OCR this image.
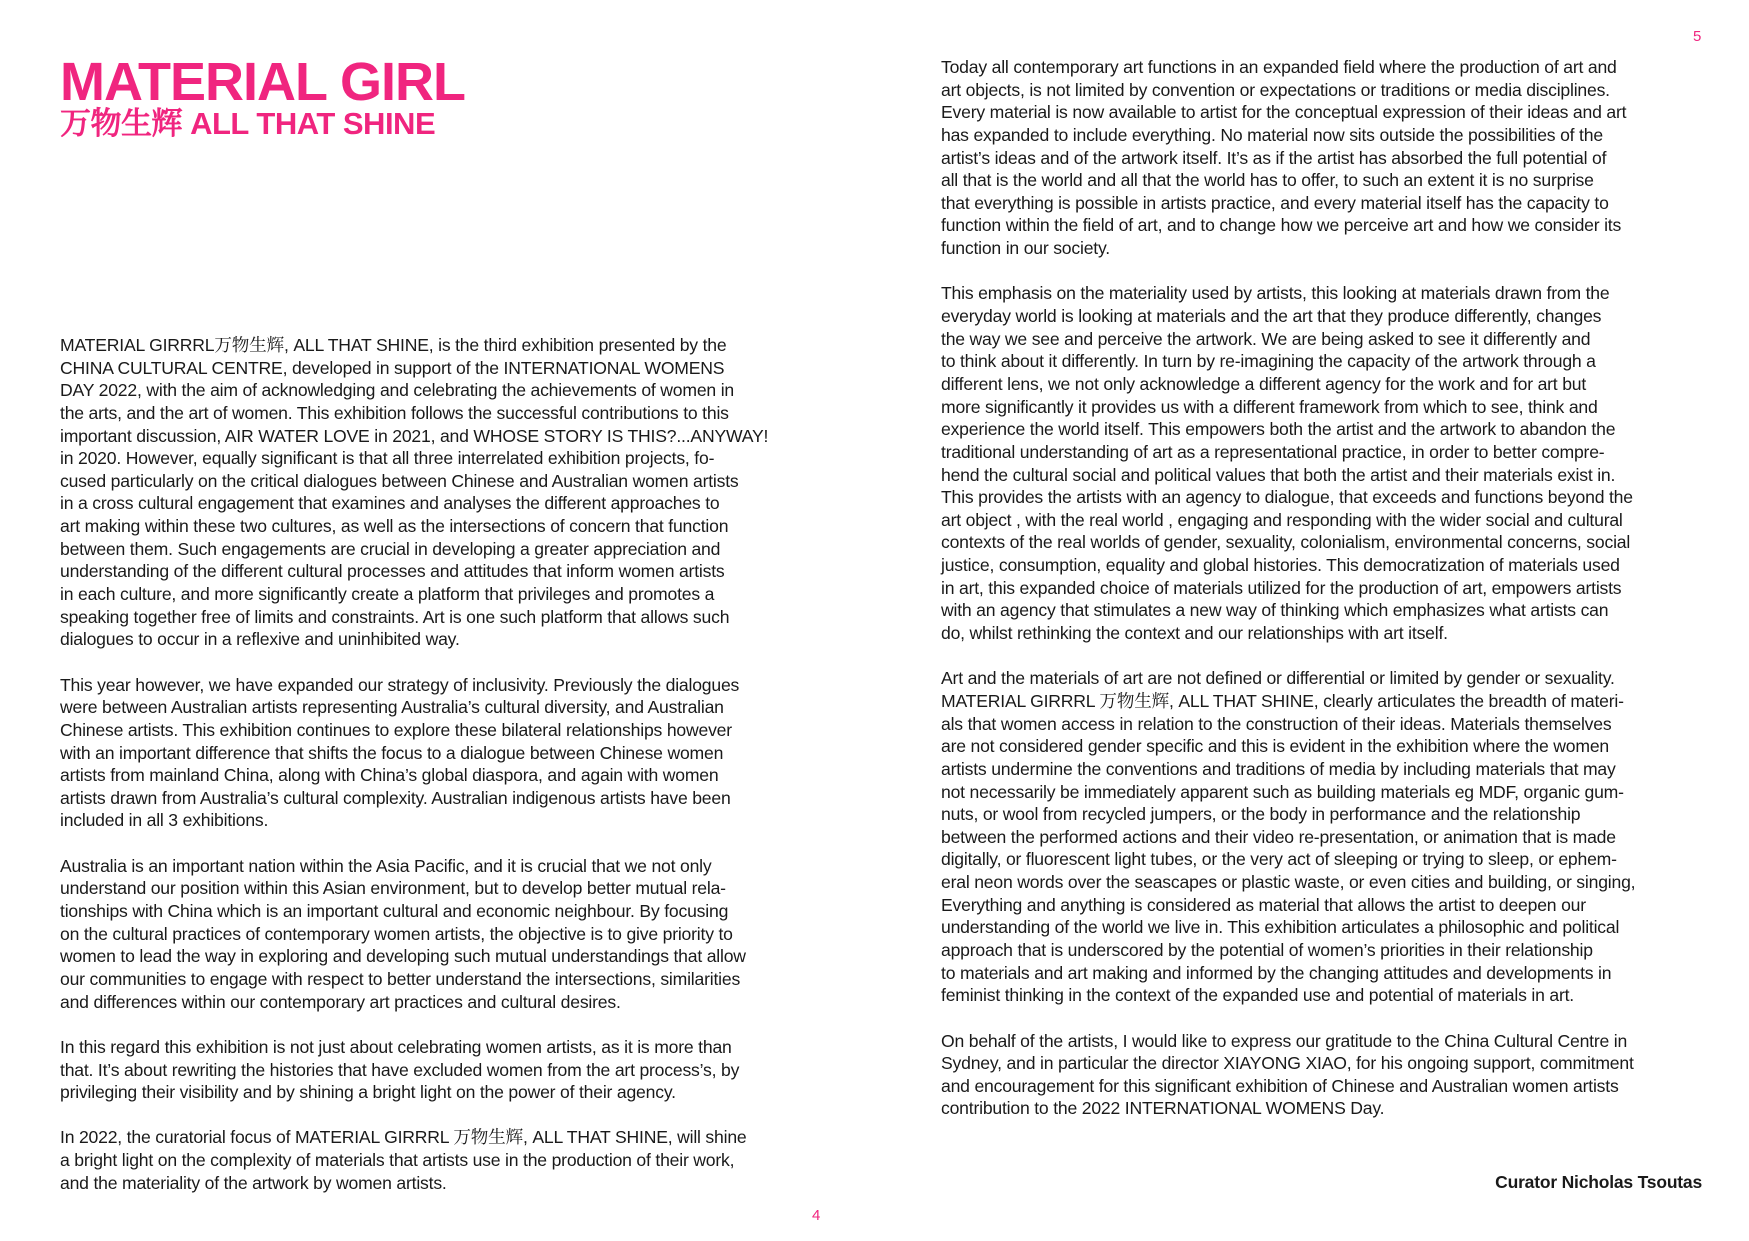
MATERIAL GIRL
万物生辉 ALL THAT SHINE
MATERIAL GIRRRL万物生辉, ALL THAT SHINE, is the third exhibition presented by the
CHINA CULTURAL CENTRE, developed in support of the INTERNATIONAL WOMENS
DAY 2022, with the aim of acknowledging and celebrating the achievements of women in
the arts, and the art of women. This exhibition follows the successful contributions to this
important discussion, AIR WATER LOVE in 2021, and WHOSE STORY IS THIS?...ANYWAY!
in 2020. However, equally significant is that all three interrelated exhibition projects, fo-
cused particularly on the critical dialogues between Chinese and Australian women artists
in a cross cultural engagement that examines and analyses the different approaches to
art making within these two cultures, as well as the intersections of concern that function
between them. Such engagements are crucial in developing a greater appreciation and
understanding of the different cultural processes and attitudes that inform women artists
in each culture, and more significantly create a platform that privileges and promotes a
speaking together free of limits and constraints. Art is one such platform that allows such
dialogues to occur in a reflexive and uninhibited way.
This year however, we have expanded our strategy of inclusivity. Previously the dialogues
were between Australian artists representing Australia’s cultural diversity, and Australian
Chinese artists. This exhibition continues to explore these bilateral relationships however
with an important difference that shifts the focus to a dialogue between Chinese women
artists from mainland China, along with China’s global diaspora, and again with women
artists drawn from Australia’s cultural complexity. Australian indigenous artists have been
included in all 3 exhibitions.
Australia is an important nation within the Asia Pacific, and it is crucial that we not only
understand our position within this Asian environment, but to develop better mutual rela-
tionships with China which is an important cultural and economic neighbour. By focusing
on the cultural practices of contemporary women artists, the objective is to give priority to
women to lead the way in exploring and developing such mutual understandings that allow
our communities to engage with respect to better understand the intersections, similarities
and differences within our contemporary art practices and cultural desires.
In this regard this exhibition is not just about celebrating women artists, as it is more than
that. It’s about rewriting the histories that have excluded women from the art process’s, by
privileging their visibility and by shining a bright light on the power of their agency.
In 2022, the curatorial focus of MATERIAL GIRRRL 万物生辉, ALL THAT SHINE, will shine
a bright light on the complexity of materials that artists use in the production of their work,
and the materiality of the artwork by women artists.
Today all contemporary art functions in an expanded field where the production of art and
art objects, is not limited by convention or expectations or traditions or media disciplines.
Every material is now available to artist for the conceptual expression of their ideas and art
has expanded to include everything. No material now sits outside the possibilities of the
artist’s ideas and of the artwork itself. It’s as if the artist has absorbed the full potential of
all that is the world and all that the world has to offer, to such an extent it is no surprise
that everything is possible in artists practice, and every material itself has the capacity to
function within the field of art, and to change how we perceive art and how we consider its
function in our society.
This emphasis on the materiality used by artists, this looking at materials drawn from the
everyday world is looking at materials and the art that they produce differently, changes
the way we see and perceive the artwork. We are being asked to see it differently and
to think about it differently. In turn by re-imagining the capacity of the artwork through a
different lens, we not only acknowledge a different agency for the work and for art but
more significantly it provides us with a different framework from which to see, think and
experience the world itself. This empowers both the artist and the artwork to abandon the
traditional understanding of art as a representational practice, in order to better compre-
hend the cultural social and political values that both the artist and their materials exist in.
This provides the artists with an agency to dialogue, that exceeds and functions beyond the
art object , with the real world , engaging and responding with the wider social and cultural
contexts of the real worlds of gender, sexuality, colonialism, environmental concerns, social
justice, consumption, equality and global histories. This democratization of materials used
in art, this expanded choice of materials utilized for the production of art, empowers artists
with an agency that stimulates a new way of thinking which emphasizes what artists can
do, whilst rethinking the context and our relationships with art itself.
Art and the materials of art are not defined or differential or limited by gender or sexuality.
MATERIAL GIRRRL 万物生辉, ALL THAT SHINE, clearly articulates the breadth of materi-
als that women access in relation to the construction of their ideas. Materials themselves
are not considered gender specific and this is evident in the exhibition where the women
artists undermine the conventions and traditions of media by including materials that may
not necessarily be immediately apparent such as building materials eg MDF, organic gum-
nuts, or wool from recycled jumpers, or the body in performance and the relationship
between the performed actions and their video re-presentation, or animation that is made
digitally, or fluorescent light tubes, or the very act of sleeping or trying to sleep, or ephem-
eral neon words over the seascapes or plastic waste, or even cities and building, or singing,
Everything and anything is considered as material that allows the artist to deepen our
understanding of the world we live in. This exhibition articulates a philosophic and political
approach that is underscored by the potential of women’s priorities in their relationship
to materials and art making and informed by the changing attitudes and developments in
feminist thinking in the context of the expanded use and potential of materials in art.
On behalf of the artists, I would like to express our gratitude to the China Cultural Centre in
Sydney, and in particular the director XIAYONG XIAO, for his ongoing support, commitment
and encouragement for this significant exhibition of Chinese and Australian women artists
contribution to the 2022 INTERNATIONAL WOMENS Day.
4
5
Curator Nicholas Tsoutas
